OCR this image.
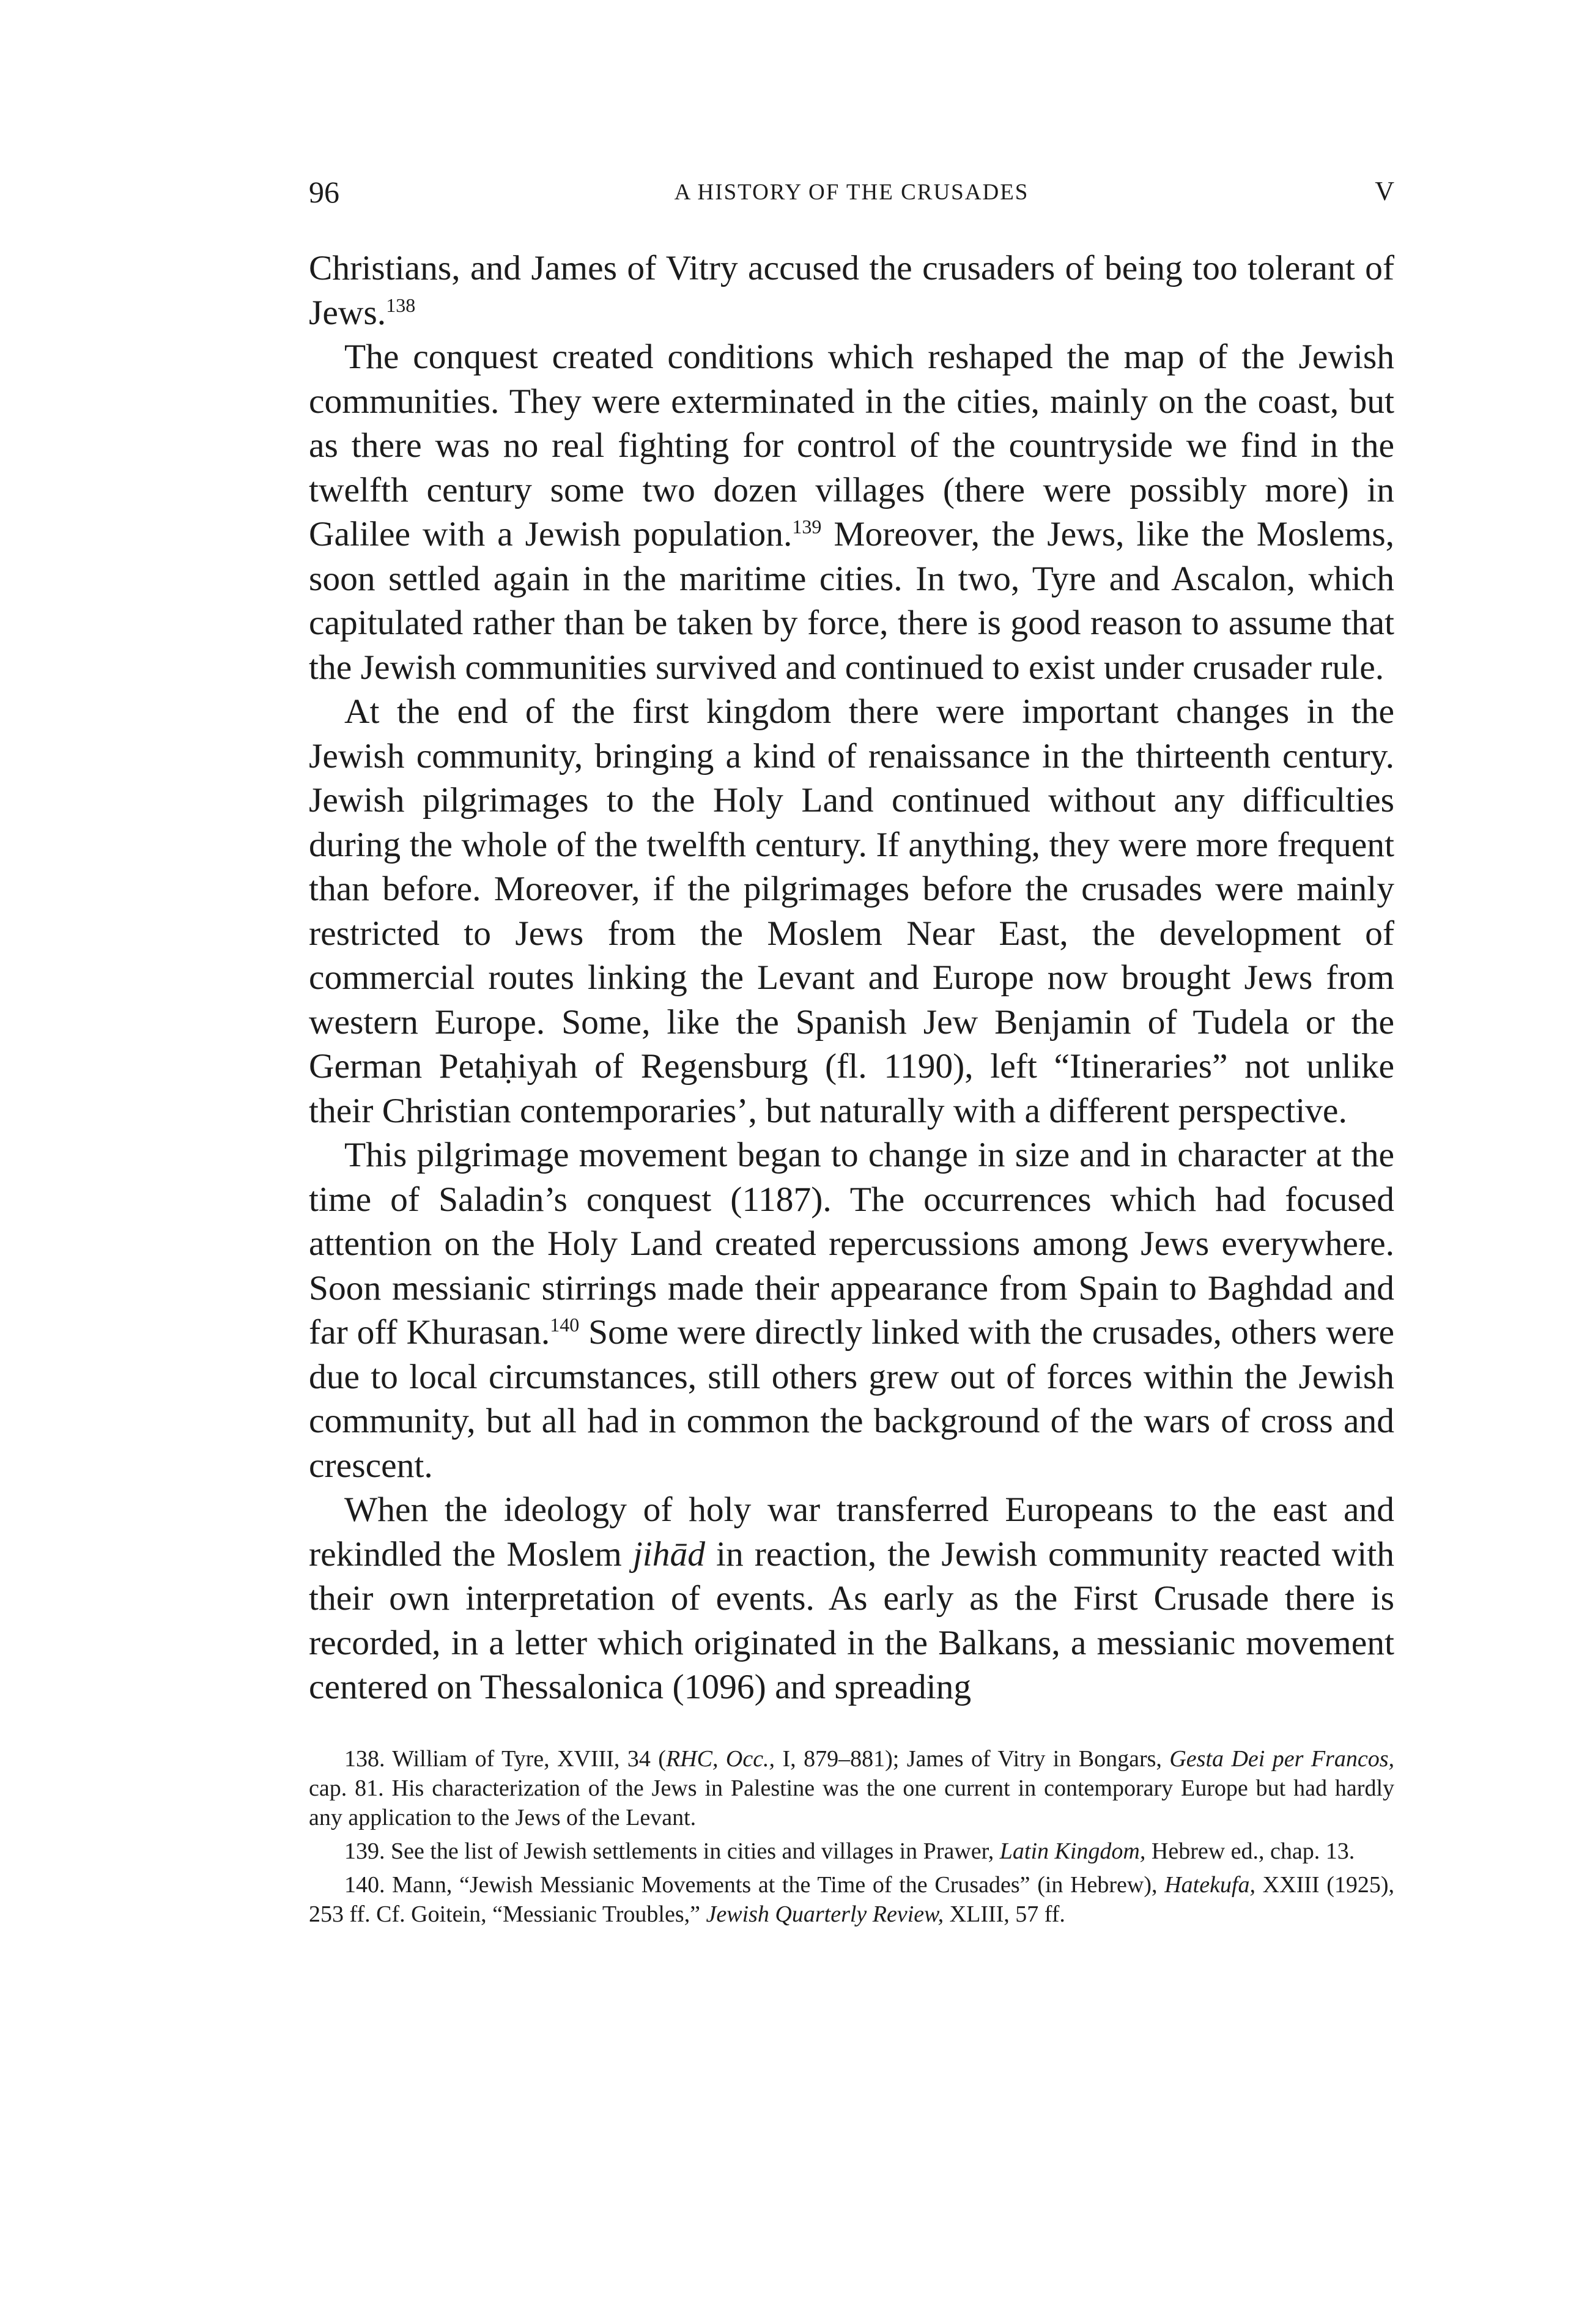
96	A HISTORY OF THE CRUSADES	V

Christians, and James of Vitry accused the crusaders of being too tolerant of Jews.$^{138}$

The conquest created conditions which reshaped the map of the Jewish communities. They were exterminated in the cities, mainly on the coast, but as there was no real fighting for control of the countryside we find in the twelfth century some two dozen villages (there were possibly more) in Galilee with a Jewish population.$^{139}$ Moreover, the Jews, like the Moslems, soon settled again in the maritime cities. In two, Tyre and Ascalon, which capitulated rather than be taken by force, there is good reason to assume that the Jewish communities survived and continued to exist under crusader rule.

At the end of the first kingdom there were important changes in the Jewish community, bringing a kind of renaissance in the thirteenth century. Jewish pilgrimages to the Holy Land continued without any difficulties during the whole of the twelfth century. If anything, they were more frequent than before. Moreover, if the pilgrimages before the crusades were mainly restricted to Jews from the Moslem Near East, the development of commercial routes linking the Levant and Europe now brought Jews from western Europe. Some, like the Spanish Jew Benjamin of Tudela or the German Petaḥiyah of Regensburg (fl. 1190), left “Itineraries” not unlike their Christian contemporaries’, but naturally with a different perspective.

This pilgrimage movement began to change in size and in character at the time of Saladin’s conquest (1187). The occurrences which had focused attention on the Holy Land created repercussions among Jews everywhere. Soon messianic stirrings made their appearance from Spain to Baghdad and far off Khurasan.$^{140}$ Some were directly linked with the crusades, others were due to local circumstances, still others grew out of forces within the Jewish community, but all had in common the background of the wars of cross and crescent.

When the ideology of holy war transferred Europeans to the east and rekindled the Moslem jihād in reaction, the Jewish community reacted with their own interpretation of events. As early as the First Crusade there is recorded, in a letter which originated in the Balkans, a messianic movement centered on Thessalonica (1096) and spreading

138. William of Tyre, XVIII, 34 (RHC, Occ., I, 879–881); James of Vitry in Bongars, Gesta Dei per Francos, cap. 81. His characterization of the Jews in Palestine was the one current in contemporary Europe but had hardly any application to the Jews of the Levant.

139. See the list of Jewish settlements in cities and villages in Prawer, Latin Kingdom, Hebrew ed., chap. 13.

140. Mann, “Jewish Messianic Movements at the Time of the Crusades” (in Hebrew), Hatekufa, XXIII (1925), 253 ff. Cf. Goitein, “Messianic Troubles,” Jewish Quarterly Review, XLIII, 57 ff.
